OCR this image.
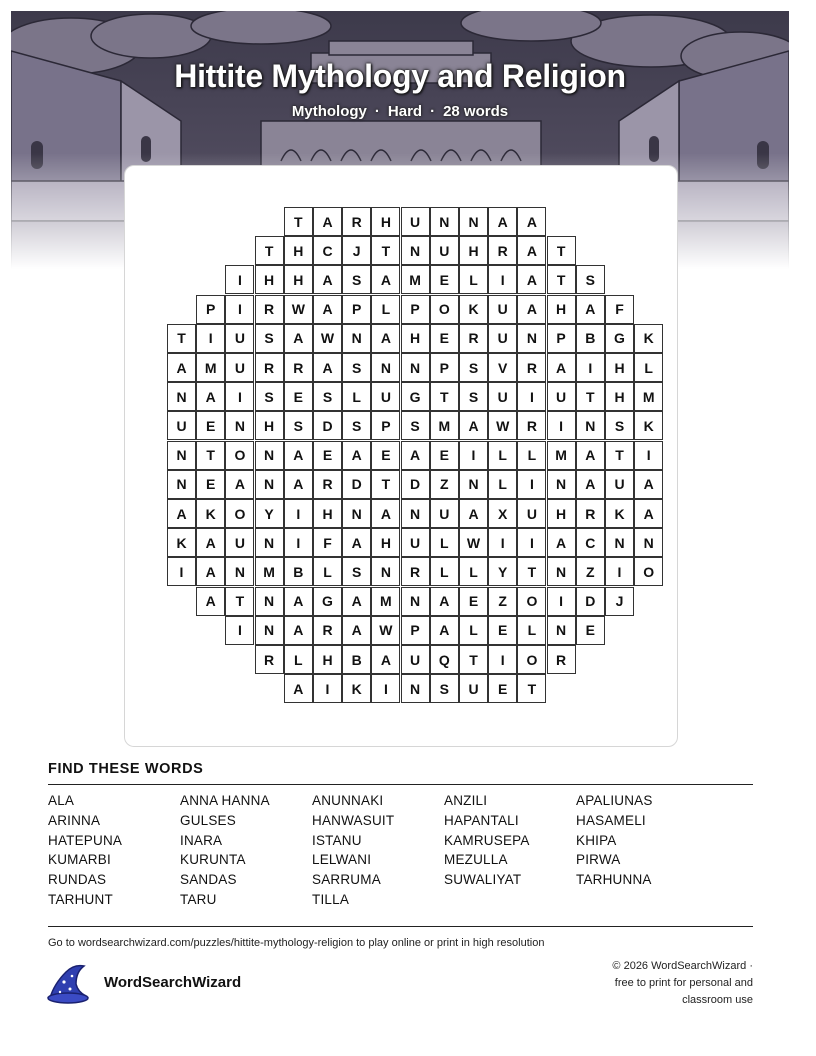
Hittite Mythology and Religion
Mythology · Hard · 28 words
T	A	R	H	U	N	N	A	A
T	H	C	J	T	N	U	H	R	A	T
I	H	H	A	S	A	M	E	L	I	A	T	S
P	I	R	W	A	P	L	P	O	K	U	A	H	A	F
T	I	U	S	A	W	N	A	H	E	R	U	N	P	B	G	K
A	M	U	R	R	A	S	N	N	P	S	V	R	A	I	H	L
N	A	I	S	E	S	L	U	G	T	S	U	I	U	T	H	M
U	E	N	H	S	D	S	P	S	M	A	W	R	I	N	S	K
N	T	O	N	A	E	A	E	A	E	I	L	L	M	A	T	I
N	E	A	N	A	R	D	T	D	Z	N	L	I	N	A	U	A
A	K	O	Y	I	H	N	A	N	U	A	X	U	H	R	K	A
K	A	U	N	I	F	A	H	U	L	W	I	I	A	C	N	N
I	A	N	M	B	L	S	N	R	L	L	Y	T	N	Z	I	O
A	T	N	A	G	A	M	N	A	E	Z	O	I	D	J
I	N	A	R	A	W	P	A	L	E	L	N	E
R	L	H	B	A	U	Q	T	I	O	R
A	I	K	I	N	S	U	E	T
FIND THESE WORDS
ALA	ANNA HANNA	ANUNNAKI	ANZILI	APALIUNAS
ARINNA	GULSES	HANWASUIT	HAPANTALI	HASAMELI
HATEPUNA	INARA	ISTANU	KAMRUSEPA	KHIPA
KUMARBI	KURUNTA	LELWANI	MEZULLA	PIRWA
RUNDAS	SANDAS	SARRUMA	SUWALIYAT	TARHUNNA
TARHUNT	TARU	TILLA
Go to wordsearchwizard.com/puzzles/hittite-mythology-religion to play online or print in high resolution
WordSearchWizard
© 2026 WordSearchWizard ·
free to print for personal and
classroom use
